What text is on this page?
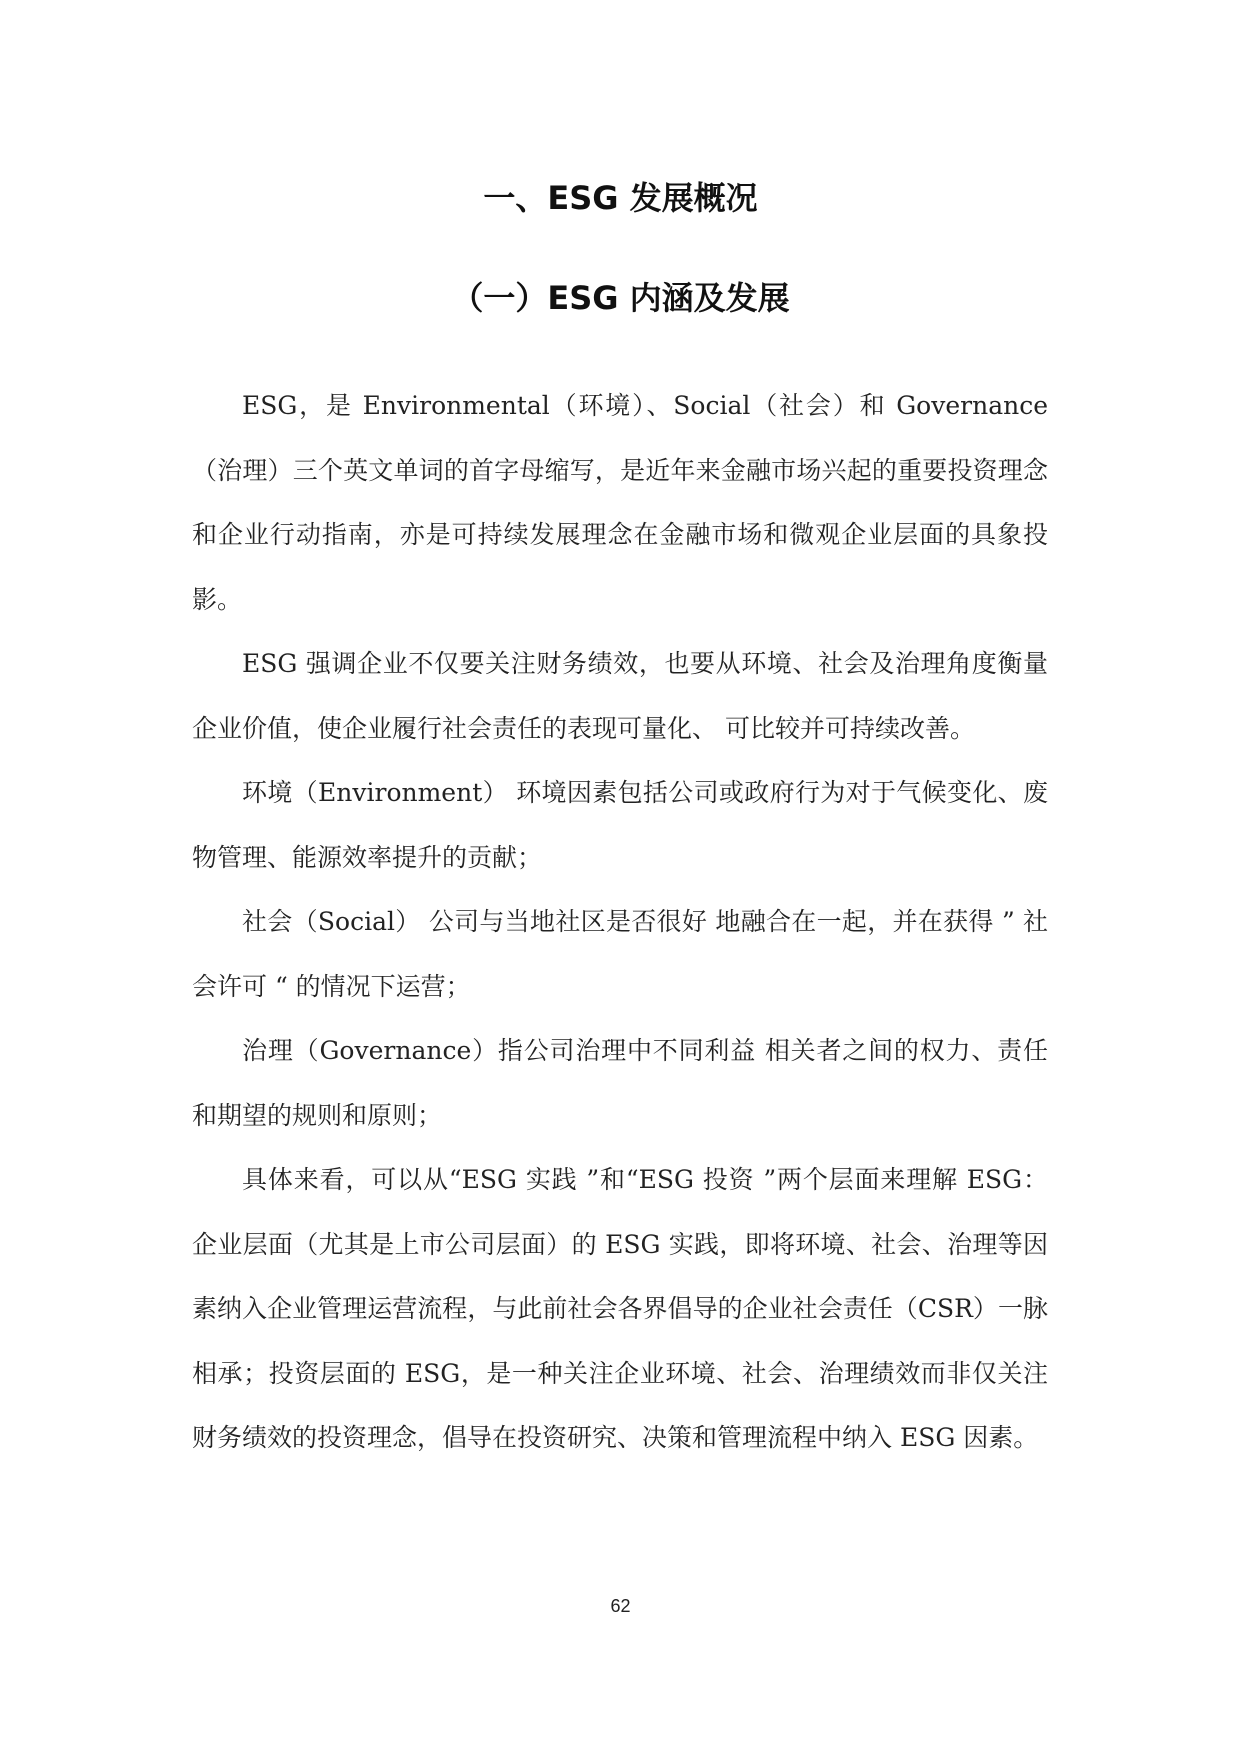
一、ESG 发展概况
（一）ESG 内涵及发展

ESG，是 Environmental（环境）、Social（社会）和 Governance（治理）三个英文单词的首字母缩写，是近年来金融市场兴起的重要投资理念和企业行动指南，亦是可持续发展理念在金融市场和微观企业层面的具象投影。

ESG 强调企业不仅要关注财务绩效，也要从环境、社会及治理角度衡量企业价值，使企业履行社会责任的表现可量化、 可比较并可持续改善。

环境（Environment） 环境因素包括公司或政府行为对于气候变化、废物管理、能源效率提升的贡献；

社会（Social） 公司与当地社区是否很好 地融合在一起，并在获得 ” 社会许可 “ 的情况下运营；

治理（Governance）指公司治理中不同利益 相关者之间的权力、责任和期望的规则和原则；

具体来看，可以从“ESG 实践 ”和“ESG 投资 ”两个层面来理解 ESG：企业层面（尤其是上市公司层面）的 ESG 实践，即将环境、社会、治理等因素纳入企业管理运营流程，与此前社会各界倡导的企业社会责任（CSR）一脉相承；投资层面的 ESG，是一种关注企业环境、社会、治理绩效而非仅关注财务绩效的投资理念，倡导在投资研究、决策和管理流程中纳入 ESG 因素。

62
